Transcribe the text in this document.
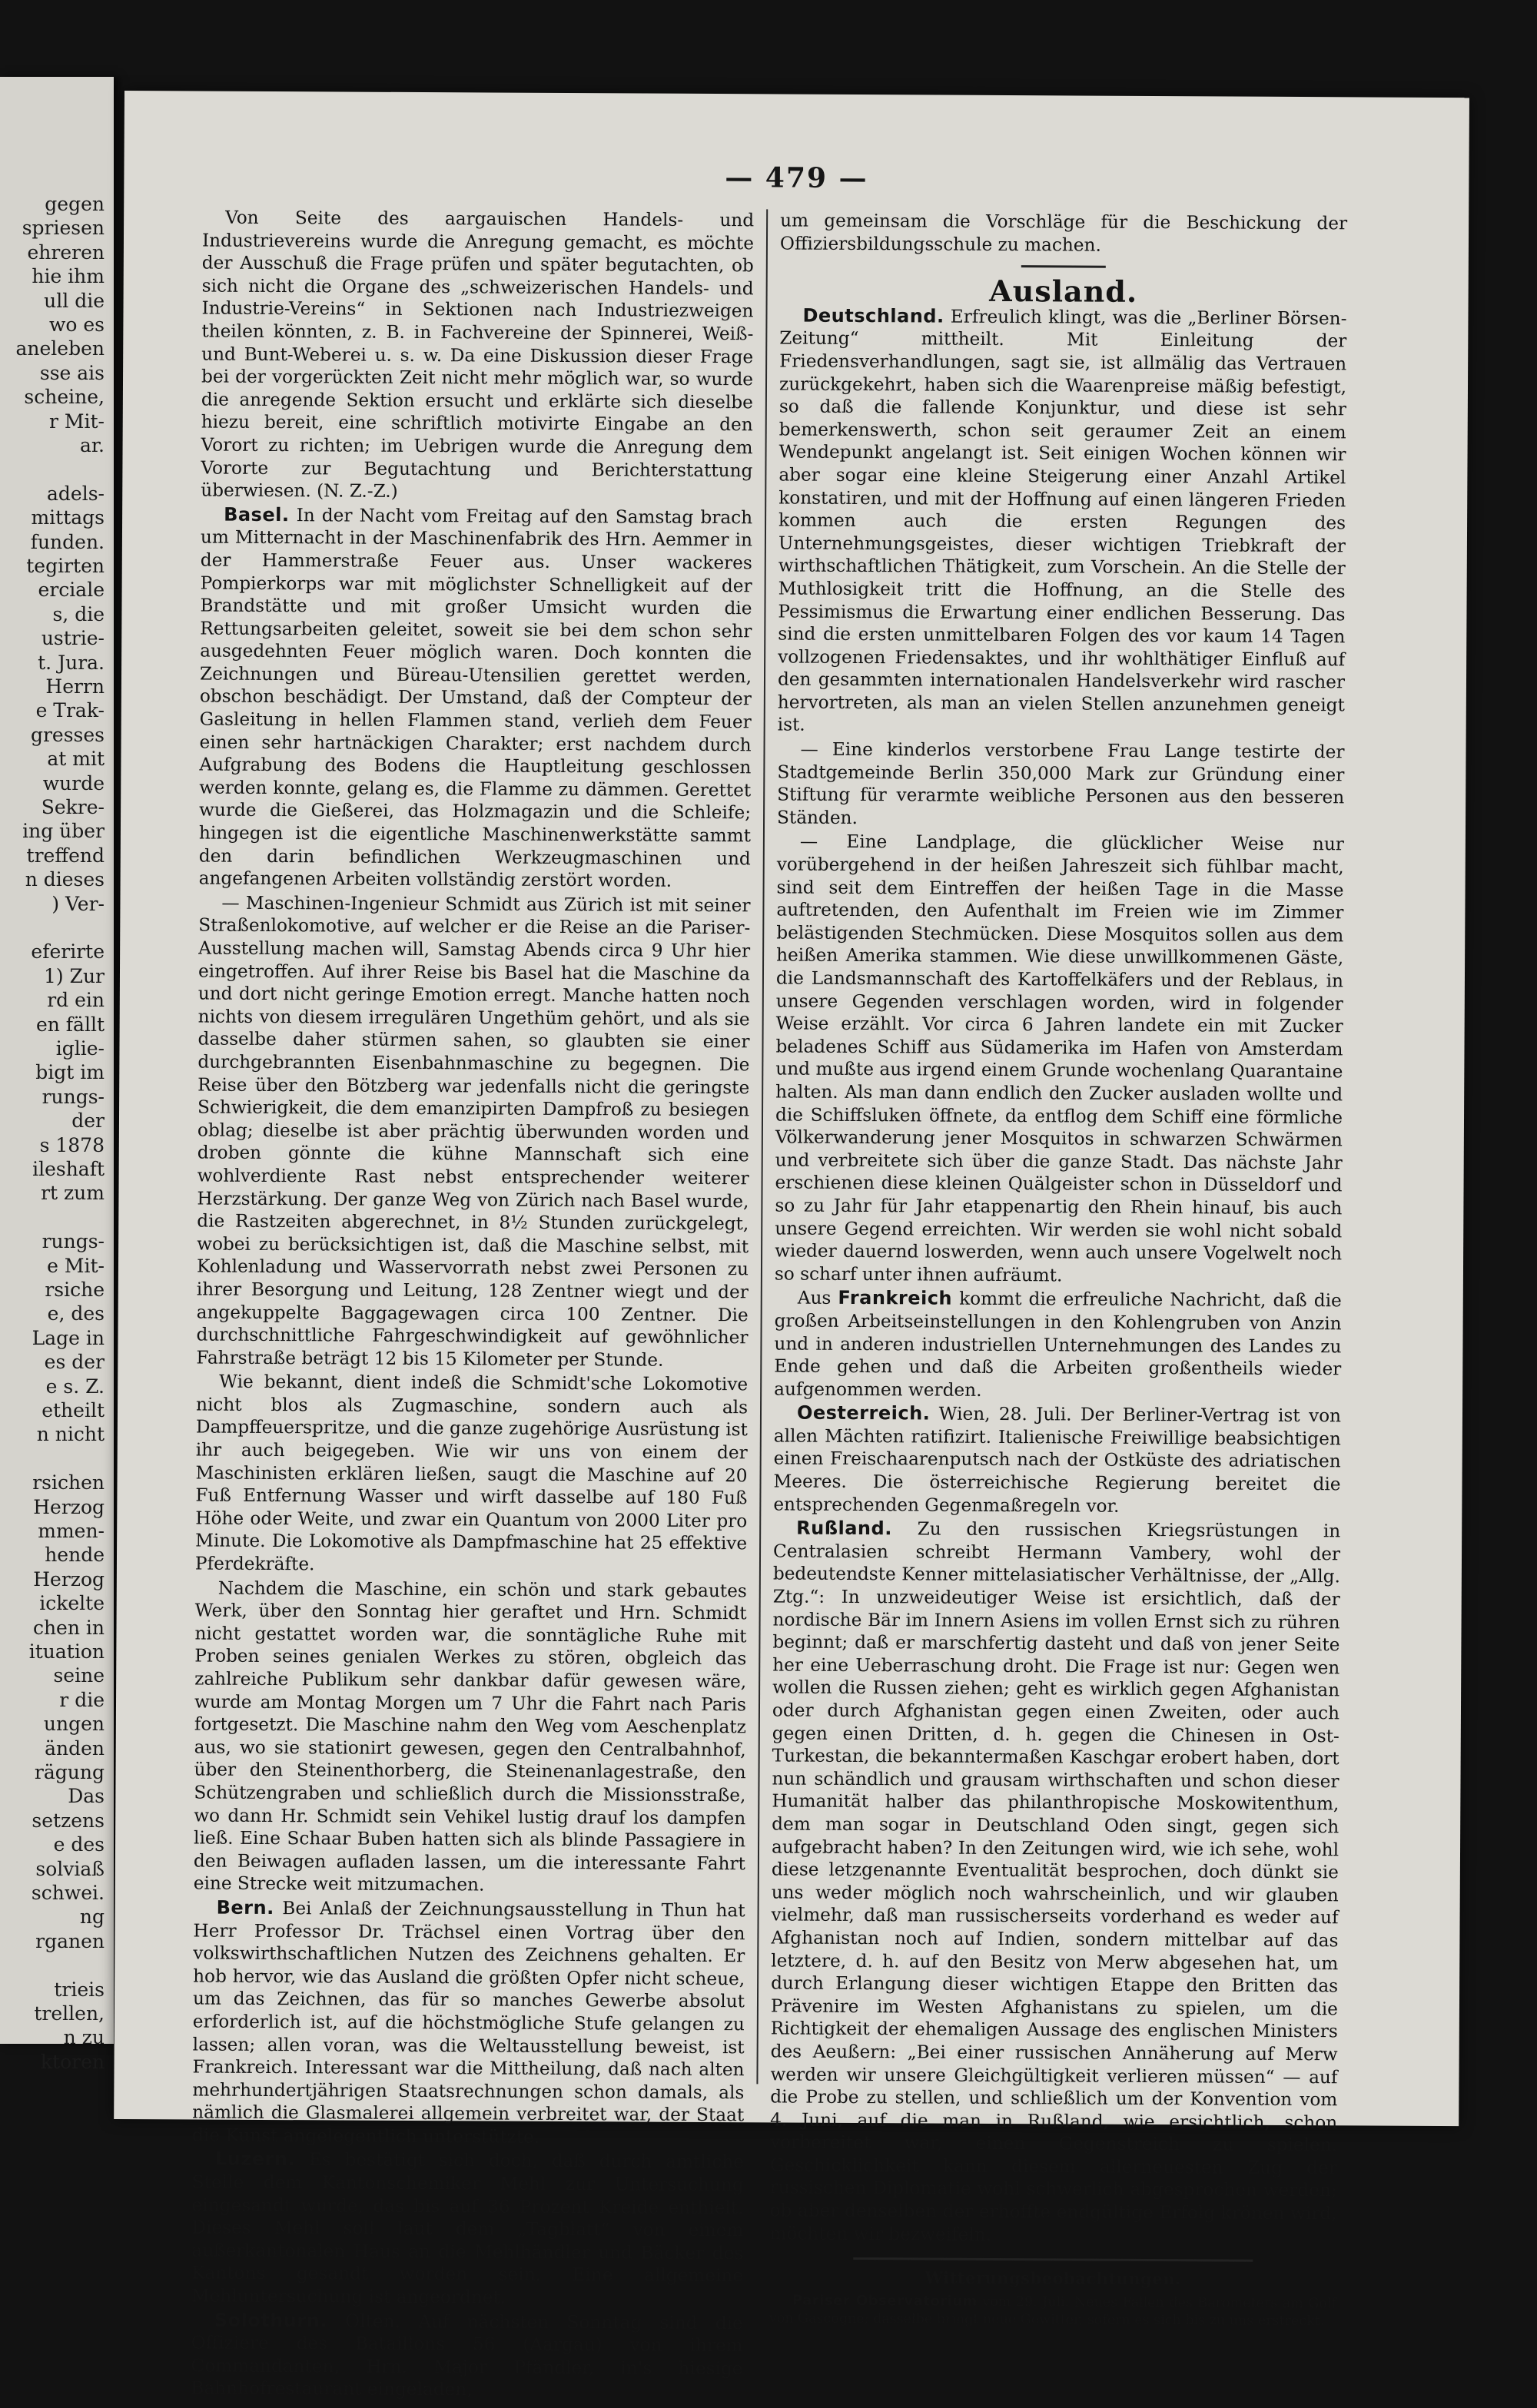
gegen
spriesen
ehreren
hie ihm
ull die
wo es
aneleben
sse ais
scheine,
r Mit-
ar.
adels-
mittags
funden.
tegirten
erciale
s, die
ustrie-
t. Jura.
Herrn
e Trak-
gresses
at mit
wurde
Sekre-
ing über
treffend
n dieses
) Ver-
eferirte
1) Zur
rd ein
en fällt
iglie-
bigt im
rungs-
der
s 1878
ileshaft
rt zum
rungs-
e Mit-
rsiche
e, des
Lage in
es der
e s. Z.
etheilt
n nicht
rsichen
Herzog
mmen-
hende
Herzog
ickelte
chen in
ituation
seine
r die
ungen
änden
rägung
Das
setzens
e des
solviaß
schwei.
ng
rganen
trieis
trellen,
n zu
ktoren
— 479 —

Von Seite des aargauischen Handels- und Industrievereins wurde die Anregung gemacht, es möchte der Ausschuß die Frage prüfen und später begutachten, ob sich nicht die Organe des „schweizerischen Handels- und Industrie-Vereins“ in Sektionen nach Industriezweigen theilen könnten, z. B. in Fachvereine der Spinnerei, Weiß- und Bunt-Weberei u. s. w. Da eine Diskussion dieser Frage bei der vorgerückten Zeit nicht mehr möglich war, so wurde die anregende Sektion ersucht und erklärte sich dieselbe hiezu bereit, eine schriftlich motivirte Eingabe an den Vorort zu richten; im Uebrigen wurde die Anregung dem Vororte zur Begutachtung und Berichterstattung überwiesen. (N. Z.-Z.)

Basel. In der Nacht vom Freitag auf den Samstag brach um Mitternacht in der Maschinenfabrik des Hrn. Aemmer in der Hammerstraße Feuer aus. Unser wackeres Pompierkorps war mit möglichster Schnelligkeit auf der Brandstätte und mit großer Umsicht wurden die Rettungsarbeiten geleitet, soweit sie bei dem schon sehr ausgedehnten Feuer möglich waren. Doch konnten die Zeichnungen und Büreau-Utensilien gerettet werden, obschon beschädigt. Der Umstand, daß der Compteur der Gasleitung in hellen Flammen stand, verlieh dem Feuer einen sehr hartnäckigen Charakter; erst nachdem durch Aufgrabung des Bodens die Hauptleitung geschlossen werden konnte, gelang es, die Flamme zu dämmen. Gerettet wurde die Gießerei, das Holzmagazin und die Schleife; hingegen ist die eigentliche Maschinenwerkstätte sammt den darin befindlichen Werkzeugmaschinen und angefangenen Arbeiten vollständig zerstört worden.

— Maschinen-Ingenieur Schmidt aus Zürich ist mit seiner Straßenlokomotive, auf welcher er die Reise an die Pariser-Ausstellung machen will, Samstag Abends circa 9 Uhr hier eingetroffen. Auf ihrer Reise bis Basel hat die Maschine da und dort nicht geringe Emotion erregt. Manche hatten noch nichts von diesem irregulären Ungethüm gehört, und als sie dasselbe daher stürmen sahen, so glaubten sie einer durchgebrannten Eisenbahnmaschine zu begegnen. Die Reise über den Bötzberg war jedenfalls nicht die geringste Schwierigkeit, die dem emanzipirten Dampfroß zu besiegen oblag; dieselbe ist aber prächtig überwunden worden und droben gönnte die kühne Mannschaft sich eine wohlverdiente Rast nebst entsprechender weiterer Herzstärkung. Der ganze Weg von Zürich nach Basel wurde, die Rastzeiten abgerechnet, in 8½ Stunden zurückgelegt, wobei zu berücksichtigen ist, daß die Maschine selbst, mit Kohlenladung und Wasservorrath nebst zwei Personen zu ihrer Besorgung und Leitung, 128 Zentner wiegt und der angekuppelte Baggagewagen circa 100 Zentner. Die durchschnittliche Fahrgeschwindigkeit auf gewöhnlicher Fahrstraße beträgt 12 bis 15 Kilometer per Stunde.

Wie bekannt, dient indeß die Schmidt'sche Lokomotive nicht blos als Zugmaschine, sondern auch als Dampffeuerspritze, und die ganze zugehörige Ausrüstung ist ihr auch beigegeben. Wie wir uns von einem der Maschinisten erklären ließen, saugt die Maschine auf 20 Fuß Entfernung Wasser und wirft dasselbe auf 180 Fuß Höhe oder Weite, und zwar ein Quantum von 2000 Liter pro Minute. Die Lokomotive als Dampfmaschine hat 25 effektive Pferdekräfte.

Nachdem die Maschine, ein schön und stark gebautes Werk, über den Sonntag hier geraftet und Hrn. Schmidt nicht gestattet worden war, die sonntägliche Ruhe mit Proben seines genialen Werkes zu stören, obgleich das zahlreiche Publikum sehr dankbar dafür gewesen wäre, wurde am Montag Morgen um 7 Uhr die Fahrt nach Paris fortgesetzt. Die Maschine nahm den Weg vom Aeschenplatz aus, wo sie stationirt gewesen, gegen den Centralbahnhof, über den Steinenthorberg, die Steinenanlagestraße, den Schützengraben und schließlich durch die Missionsstraße, wo dann Hr. Schmidt sein Vehikel lustig drauf los dampfen ließ. Eine Schaar Buben hatten sich als blinde Passagiere in den Beiwagen aufladen lassen, um die interessante Fahrt eine Strecke weit mitzumachen.

Bern. Bei Anlaß der Zeichnungsausstellung in Thun hat Herr Professor Dr. Trächsel einen Vortrag über den volkswirthschaftlichen Nutzen des Zeichnens gehalten. Er hob hervor, wie das Ausland die größten Opfer nicht scheue, um das Zeichnen, das für so manches Gewerbe absolut erforderlich ist, auf die höchstmögliche Stufe gelangen zu lassen; allen voran, was die Weltausstellung beweist, ist Frankreich. Interessant war die Mittheilung, daß nach alten mehrhundertjährigen Staatsrechnungen schon damals, als nämlich die Glasmalerei allgemein verbreitet war, der Staat die Kunst angelegentlich unterstützte.

Luzern. Es bestätigt sich doch, daß durch amtliche Stelle dem Kantonschemiker Mehl zur Untersuchung eingesandt wurde, das bis auf 36 Prozent Kreide enthielt. Dieses Mehl soll laut dem „Tagblatt“ von einem außerkantonalen Haus an die Mehlhändler und Bäcker des Kantons gesandt worden sein. Eine allgemeine Mehluntersuchung ist angeordnet.

Solothurn. Olten. Auf nächsten Sonntag sind die Offiziere des Bataillons 56 (Aargau) von ihrem Commandanten, Hrn. Major Pfändler, in's hiesige Bahnhofrestaurant eingeladen,

um gemeinsam die Vorschläge für die Beschickung der Offiziersbildungsschule zu machen.

Ausland.

Deutschland. Erfreulich klingt, was die „Berliner Börsen-Zeitung“ mittheilt. Mit Einleitung der Friedensverhandlungen, sagt sie, ist allmälig das Vertrauen zurückgekehrt, haben sich die Waarenpreise mäßig befestigt, so daß die fallende Konjunktur, und diese ist sehr bemerkenswerth, schon seit geraumer Zeit an einem Wendepunkt angelangt ist. Seit einigen Wochen können wir aber sogar eine kleine Steigerung einer Anzahl Artikel konstatiren, und mit der Hoffnung auf einen längeren Frieden kommen auch die ersten Regungen des Unternehmungsgeistes, dieser wichtigen Triebkraft der wirthschaftlichen Thätigkeit, zum Vorschein. An die Stelle der Muthlosigkeit tritt die Hoffnung, an die Stelle des Pessimismus die Erwartung einer endlichen Besserung. Das sind die ersten unmittelbaren Folgen des vor kaum 14 Tagen vollzogenen Friedensaktes, und ihr wohlthätiger Einfluß auf den gesammten internationalen Handelsverkehr wird rascher hervortreten, als man an vielen Stellen anzunehmen geneigt ist.

— Eine kinderlos verstorbene Frau Lange testirte der Stadtgemeinde Berlin 350,000 Mark zur Gründung einer Stiftung für verarmte weibliche Personen aus den besseren Ständen.

— Eine Landplage, die glücklicher Weise nur vorübergehend in der heißen Jahreszeit sich fühlbar macht, sind seit dem Eintreffen der heißen Tage in die Masse auftretenden, den Aufenthalt im Freien wie im Zimmer belästigenden Stechmücken. Diese Mosquitos sollen aus dem heißen Amerika stammen. Wie diese unwillkommenen Gäste, die Landsmannschaft des Kartoffelkäfers und der Reblaus, in unsere Gegenden verschlagen worden, wird in folgender Weise erzählt. Vor circa 6 Jahren landete ein mit Zucker beladenes Schiff aus Südamerika im Hafen von Amsterdam und mußte aus irgend einem Grunde wochenlang Quarantaine halten. Als man dann endlich den Zucker ausladen wollte und die Schiffsluken öffnete, da entflog dem Schiff eine förmliche Völkerwanderung jener Mosquitos in schwarzen Schwärmen und verbreitete sich über die ganze Stadt. Das nächste Jahr erschienen diese kleinen Quälgeister schon in Düsseldorf und so zu Jahr für Jahr etappenartig den Rhein hinauf, bis auch unsere Gegend erreichten. Wir werden sie wohl nicht sobald wieder dauernd loswerden, wenn auch unsere Vogelwelt noch so scharf unter ihnen aufräumt.

Aus Frankreich kommt die erfreuliche Nachricht, daß die großen Arbeitseinstellungen in den Kohlengruben von Anzin und in anderen industriellen Unternehmungen des Landes zu Ende gehen und daß die Arbeiten großentheils wieder aufgenommen werden.

Oesterreich. Wien, 28. Juli. Der Berliner-Vertrag ist von allen Mächten ratifizirt. Italienische Freiwillige beabsichtigen einen Freischaarenputsch nach der Ostküste des adriatischen Meeres. Die österreichische Regierung bereitet die entsprechenden Gegenmaßregeln vor.

Rußland. Zu den russischen Kriegsrüstungen in Centralasien schreibt Hermann Vambery, wohl der bedeutendste Kenner mittelasiatischer Verhältnisse, der „Allg. Ztg.“: In unzweideutiger Weise ist ersichtlich, daß der nordische Bär im Innern Asiens im vollen Ernst sich zu rühren beginnt; daß er marschfertig dasteht und daß von jener Seite her eine Ueberraschung droht. Die Frage ist nur: Gegen wen wollen die Russen ziehen; geht es wirklich gegen Afghanistan oder durch Afghanistan gegen einen Zweiten, oder auch gegen einen Dritten, d. h. gegen die Chinesen in Ost-Turkestan, die bekanntermaßen Kaschgar erobert haben, dort nun schändlich und grausam wirthschaften und schon dieser Humanität halber das philanthropische Moskowitenthum, dem man sogar in Deutschland Oden singt, gegen sich aufgebracht haben? In den Zeitungen wird, wie ich sehe, wohl diese letzgenannte Eventualität besprochen, doch dünkt sie uns weder möglich noch wahrscheinlich, und wir glauben vielmehr, daß man russischerseits vorderhand es weder auf Afghanistan noch auf Indien, sondern mittelbar auf das letztere, d. h. auf den Besitz von Merw abgesehen hat, um durch Erlangung dieser wichtigen Etappe den Britten das Prävenire im Westen Afghanistans zu spielen, um die Richtigkeit der ehemaligen Aussage des englischen Ministers des Aeußern: „Bei einer russischen Annäherung auf Merw werden wir unsere Gleichgültigkeit verlieren müssen“ — auf die Probe zu stellen, und schließlich um der Konvention vom 4. Juni, auf die man in Rußland, wie ersichtlich, schon vorbereitet war, einen Gegenstreich zu spielen. Geschicklichkeit kann diesem allerneuesten Zug der russischen Diplomatie wohl schwerlich abgesprochen werden; ob aber denselben der erhoffte endgültige Erfolg krönen wird, möchten wir bezweifeln.

Witterungsbeobachtungen.

Pariser Observatorium vom 29. Juli. Neues Fallen des Barometers am Golf von Gascogne; dasselbe bringt neue Gewitter, sofern es sich bis zu uns erstreckt.
